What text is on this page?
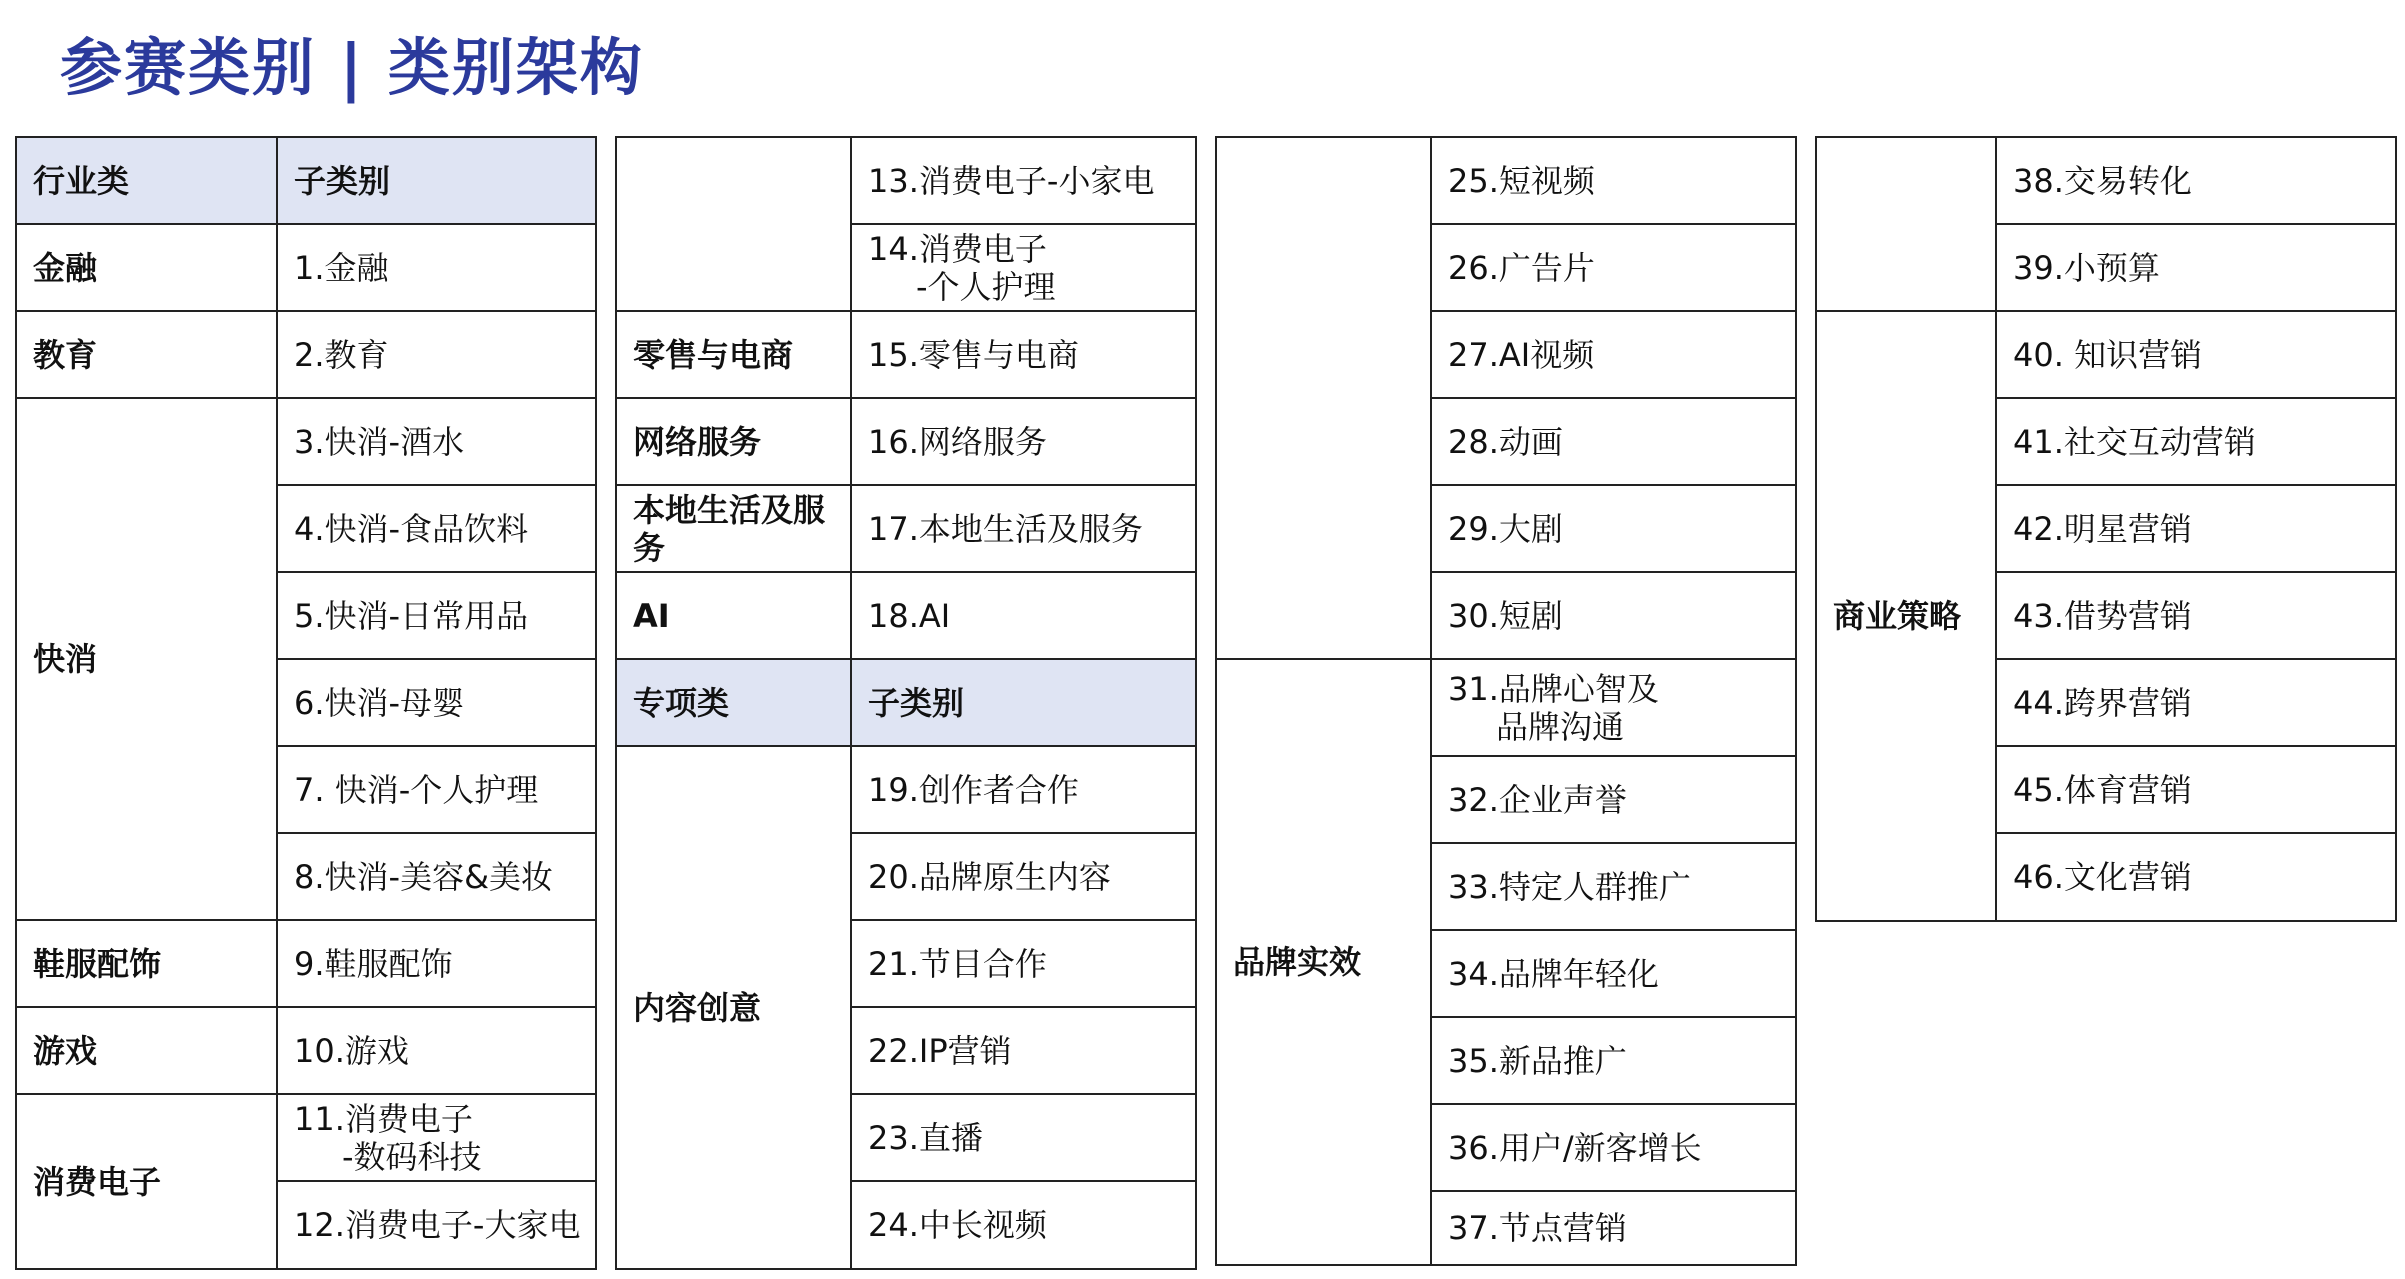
参赛类别 | 类别架构
行业类	子类别
金融	1.金融
教育	2.教育
快消	3.快消-酒水
	4.快消-食品饮料
	5.快消-日常用品
	6.快消-母婴
	7. 快消-个人护理
	8.快消-美容&美妆
鞋服配饰	9.鞋服配饰
游戏	10.游戏
消费电子	11.消费电子
-数码科技

	12.消费电子-大家电
	13.消费电子-小家电

	14.消费电子
-个人护理

零售与电商	15.零售与电商
网络服务	16.网络服务
本地生活及服务	17.本地生活及服务
AI	18.AI
专项类	子类别
内容创意	19.创作者合作
	20.品牌原生内容
	21.节目合作
	22.IP营销
	23.直播
	24.中长视频
	25.短视频
	26.广告片
	27.AI视频
	28.动画
	29.大剧
	30.短剧
品牌实效	31.品牌心智及
品牌沟通

	32.企业声誉
	33.特定人群推广
	34.品牌年轻化
	35.新品推广
	36.用户/新客增长
	37.节点营销
	38.交易转化
	39.小预算
商业策略	40. 知识营销
	41.社交互动营销
	42.明星营销
	43.借势营销
	44.跨界营销
	45.体育营销
	46.文化营销
